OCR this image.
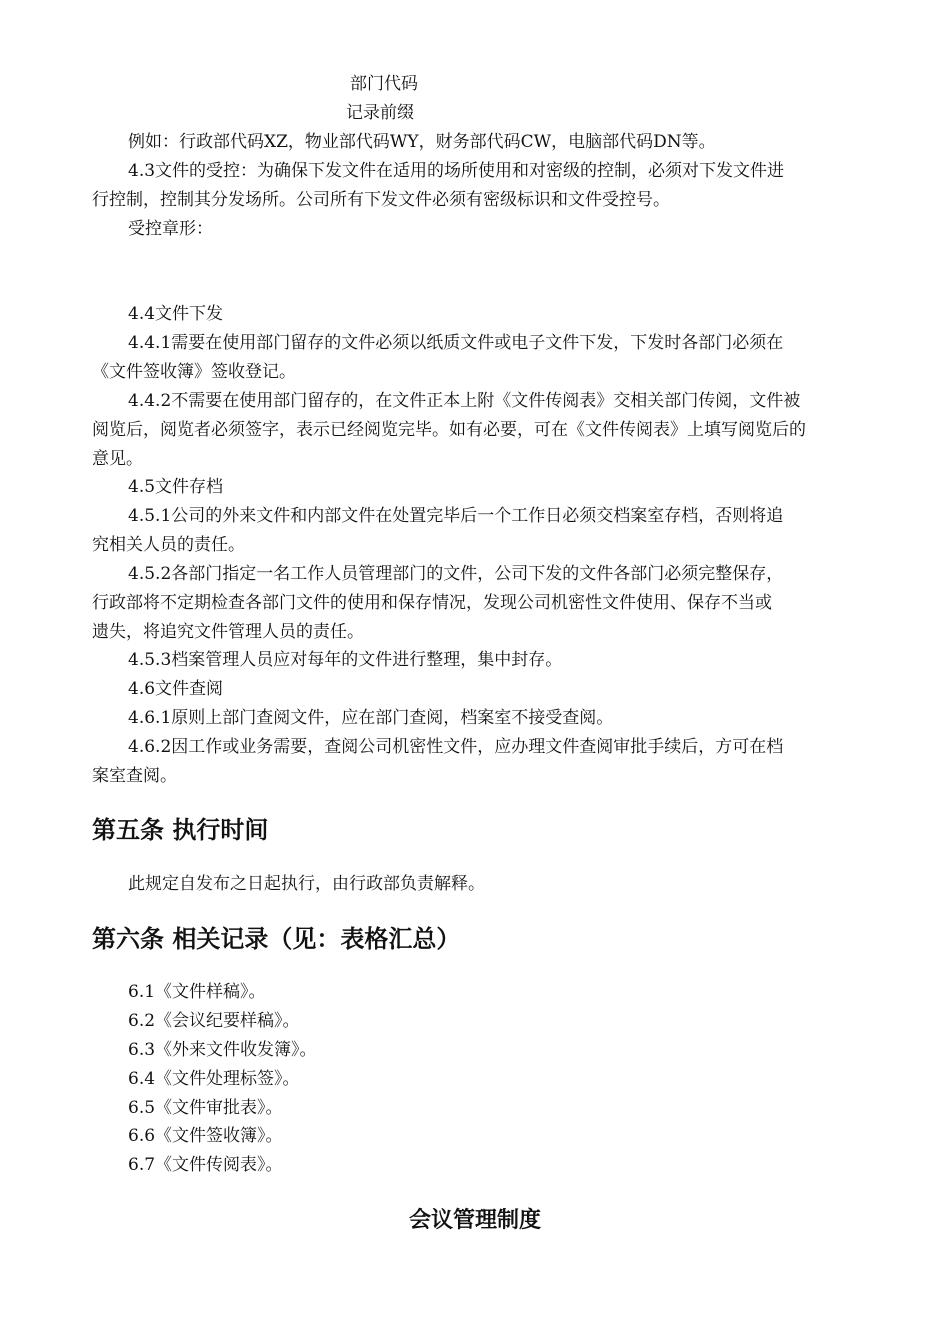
部门代码
记录前缀
例如：行政部代码XZ，物业部代码WY，财务部代码CW，电脑部代码DN等。
4.3文件的受控：为确保下发文件在适用的场所使用和对密级的控制，必须对下发文件进
行控制，控制其分发场所。公司所有下发文件必须有密级标识和文件受控号。
受控章形：
4.4文件下发
4.4.1需要在使用部门留存的文件必须以纸质文件或电子文件下发，下发时各部门必须在
《文件签收簿》签收登记。
4.4.2不需要在使用部门留存的，在文件正本上附《文件传阅表》交相关部门传阅，文件被
阅览后，阅览者必须签字，表示已经阅览完毕。如有必要，可在《文件传阅表》上填写阅览后的
意见。
4.5文件存档
4.5.1公司的外来文件和内部文件在处置完毕后一个工作日必须交档案室存档，否则将追
究相关人员的责任。
4.5.2各部门指定一名工作人员管理部门的文件，公司下发的文件各部门必须完整保存，
行政部将不定期检查各部门文件的使用和保存情况，发现公司机密性文件使用、保存不当或
遗失，将追究文件管理人员的责任。
4.5.3档案管理人员应对每年的文件进行整理，集中封存。
4.6文件查阅
4.6.1原则上部门查阅文件，应在部门查阅，档案室不接受查阅。
4.6.2因工作或业务需要，查阅公司机密性文件，应办理文件查阅审批手续后，方可在档
案室查阅。
第五条 执行时间
此规定自发布之日起执行，由行政部负责解释。
第六条 相关记录（见：表格汇总）
6.1《文件样稿》。
6.2《会议纪要样稿》。
6.3《外来文件收发簿》。
6.4《文件处理标签》。
6.5《文件审批表》。
6.6《文件签收簿》。
6.7《文件传阅表》。
会议管理制度
